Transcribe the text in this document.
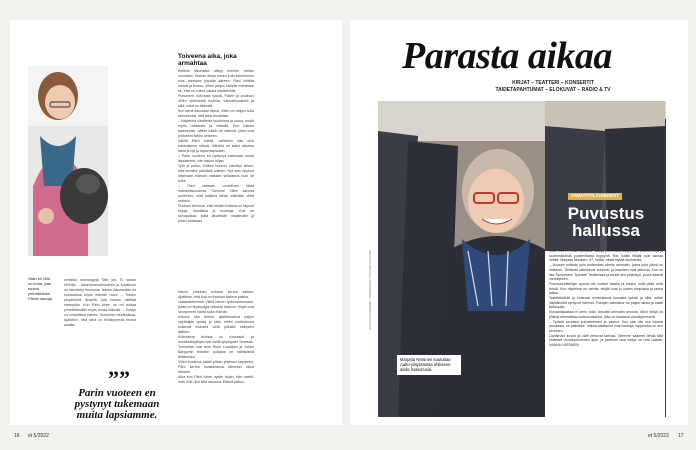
Vallu eli Ville on koira, jota tuntuu ymmärtävän Päivin sanoja.
veltaisia monologeja Sfär ym. Ei sanan hölinää – äänenvoimakkuuteen ja kuvailuun on kiinnitetty huomiota. Hänen äänessään on kuultavissa myös elämän rosot. – Tuisen ympäröiviä lämpöä, jota haluan välittää eteenpäin. Kun Päivi tulee, se voi auttaa ymmärtämään myös omaa elämää. – Korppi on merkittävä hahmo Tuomelan viestintässa. Ajattelen, että siinä on tiivistyneenä monia asioita.
Toiveena aika, joka armahtaa
Keittiön ikkunasta näkyy merelle, etelän suuntaan. Hiukan aikaa ennen kuin kävelemme ulos, istumme pöydän ääreen. Päivi keittää kahvia ja kertoo, miten paljon hänelle merkitsee se, että on voinut palata näyttämölle.
Puhumme tulevasta työstä, Päivin ja puolison Villen yhteisestä kodista, tulevaisuudesta ja siitä, mikä on tärkeää.
Kun tämä sanotaan tässä, Villen on helppo tulla sanoneeksi, että aika armahtaa.
– Näytelmä käsittelee kuolemaa ja surua, mutta myös rakkautta ja elämää. Kun katsoo taaksepäin, näkee kaikki ne valinnat, jotka ovat johtaneet tähän hetkeen.
Välillä Päivi miettii, millainen olisi ollut toisenlainen elämä. Hänellä on kaksi aikuista lasta ja nyt jo lapsenlapsiakin.
– Parin vuoteen en pystynyt tukemaan muita lapsiamme, hän sanoo hiljaa.
Työt ja pelko: Kaiken huomio kiinnittyi siihen, että selviäisi päivästä toiseen. Nyt olen oppinut ottamaan elämän vastaan sellaisena kuin se tulee.
– Olen valtavan onnellinen tästä mahdollisuudesta. Olemme Villen kanssa pohtineet, mitä kaikkea tähän elämään vielä mahtuu.
Puolisot kertovat, että heidän kotinsa on täynnä kirjoja, musiikkia ja muistoja. Koti on turvapaikka, josta lähdetään maailmalle ja johon palataan.
hänen yhteinen kotinsa kertoo kaiken. Ajattelen, että koti on ihmisen tärkein paikka.
Haastattelemme Villeä hänen työhuoneessaan, jossa on kirjahyllyjä lattiasta kattoon. Kirjat ovat seuranneet häntä koko elämän.
Kotona hän kertoo ajattelevansa paljon näyttelijän työstä ja siitä, miten roolihahmot kulkevat mukana vielä pitkään esitysten jälkeen.
Kotimaisia teoksia on runsaasti, ja suosikkikirjailijat ovat esillä työpöydän vieressä.
Tuomelan uusi teos Reko Lundánin ja Johan Bargumin tekstien pohjalta on nähtävissä teatterissa.
Villen kuolema päätti pitkän yhteisen taipaleen. Päivi kertoo muistavansa viimeiset viikot tarkasti.
Aina kun Päivi lukee hyvän kirjan, hän miettii, mitä Ville olisi siitä sanonut. Elämä jatkuu.
””
Parin vuoteen en pystynyt tukemaan muita lapsiamme.
16 et 5/2022
Parasta aikaa
KIRJAT – TEATTERI – KONSERTIT
TAIDETAPAHTUMAT – ELOKUVAT – RADIO & TV
AMMATTILAISIIDEST
Puvustus hallussa
KUN TARVITTAAN tarvitaan aatoja pikimustia saappaita, pukutermejä ja uudennäköisiä puolimittaisia hyppyriä. Rai, kaikki tekijät ovat samaa mieltä: Marjatta Nissinen, 67, tietää, mistä löytää etsimänsä.
– Vuosien mittaan opin tuntemaan tämän ammatin, jossa joka päivä on erilainen. Tehtävät vaihtelevat suuresti, ja haasteet ovat jatkuvia. Kun on itse Tampereen Työväen Teatterissa ja kaikki sen yhteistyö, puvut saavat merkityksen.
Pukusuunnittelijan apuna hän kulkee lavalla ja kuiskii, mitä pitää vielä tehdä. Kun näytelmä on valmis, tekijät ovat jo uuden kimpussa ja tarina jatkuu.
Taidetehtävät ja elokuvat muistuttavat luovasta työstä ja siitä, miten näyttämöllä syntyvät hahmot. Pukujen valmistus vie paljon aikaa ja vaatii tarkkuutta.
Kuukausipalkka ei kerro koko totuutta ammatin arvosta. Moni tekijä on pitänyt ammattiaan kutsumuksena, joka on kantanut vuosikymmeniä.
– Työssä korostuu palveleminen ja vastuu. Kun saa olla osa luovaa prosessia, se palkitsee. Vaikka aikataulut ovat tiukkoja, lopputulos on sen arvoinen.
Löytämäni kuviot ja värit kertovat tarinaa. Olemme saaneet tehdä tätä yhdessä vuosikymmenien ajan, ja jokainen uusi esitys on uusi haaste. HANNU NISSINEN
Marjatta Nissinen kouluttaa Aalto-yliopistossa ohikseen alalle hakeutuvia.
KUVA SAUTEENIEMI / TAMPEREEN TYÖVÄEN TEATTERI
et 5/2022 17
